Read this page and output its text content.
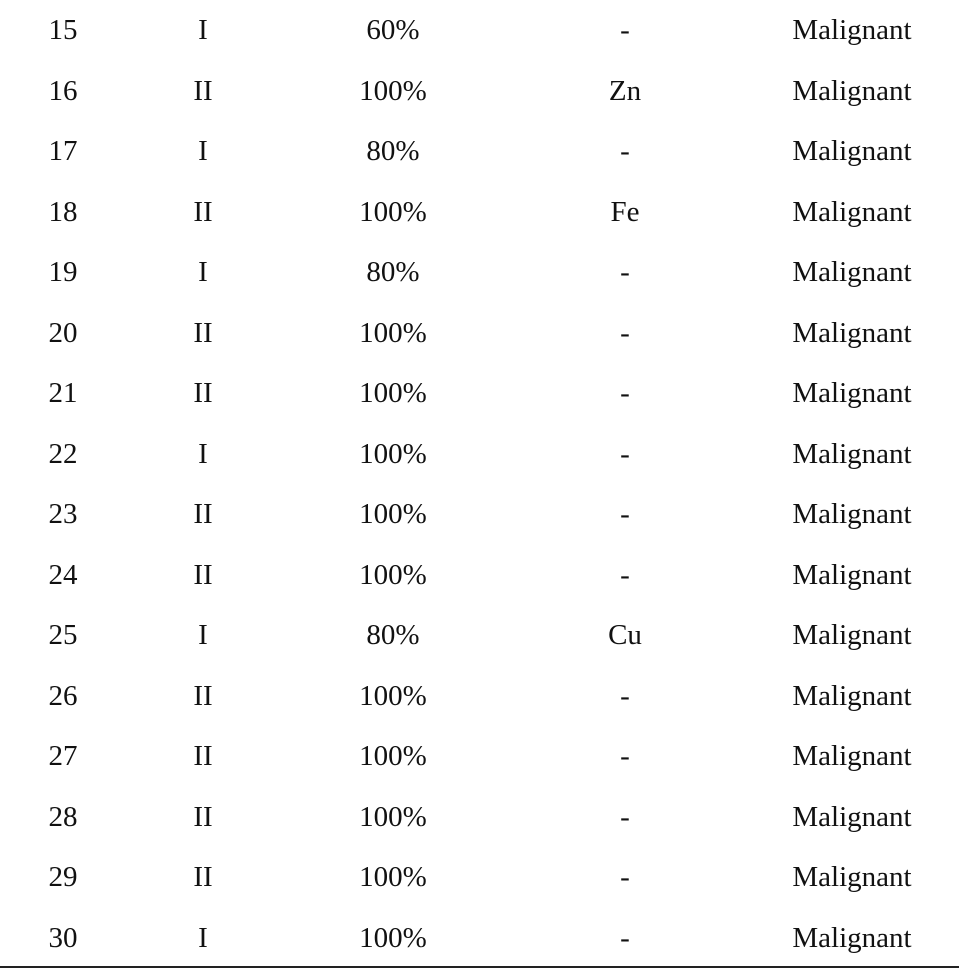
15	I	60%	-	Malignant
16	II	100%	Zn	Malignant
17	I	80%	-	Malignant
18	II	100%	Fe	Malignant
19	I	80%	-	Malignant
20	II	100%	-	Malignant
21	II	100%	-	Malignant
22	I	100%	-	Malignant
23	II	100%	-	Malignant
24	II	100%	-	Malignant
25	I	80%	Cu	Malignant
26	II	100%	-	Malignant
27	II	100%	-	Malignant
28	II	100%	-	Malignant
29	II	100%	-	Malignant
30	I	100%	-	Malignant
